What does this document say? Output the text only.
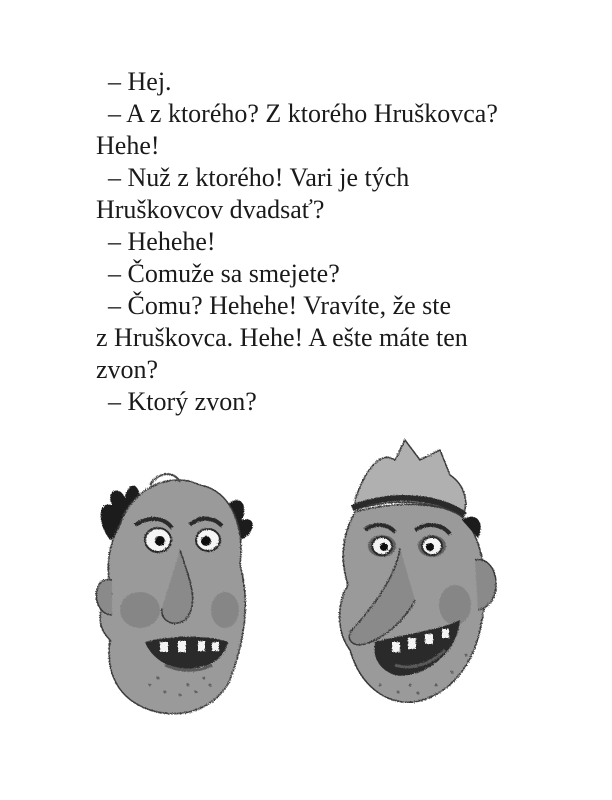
– Hej.

– A z ktorého? Z ktorého Hruškovca?

Hehe!

– Nuž z ktorého! Vari je tých

Hruškovcov dvadsať?

– Hehehe!

– Čomuže sa smejete?

– Čomu? Hehehe! Vravíte, že ste

z Hruškovca. Hehe! A ešte máte ten

zvon?

– Ktorý zvon?
